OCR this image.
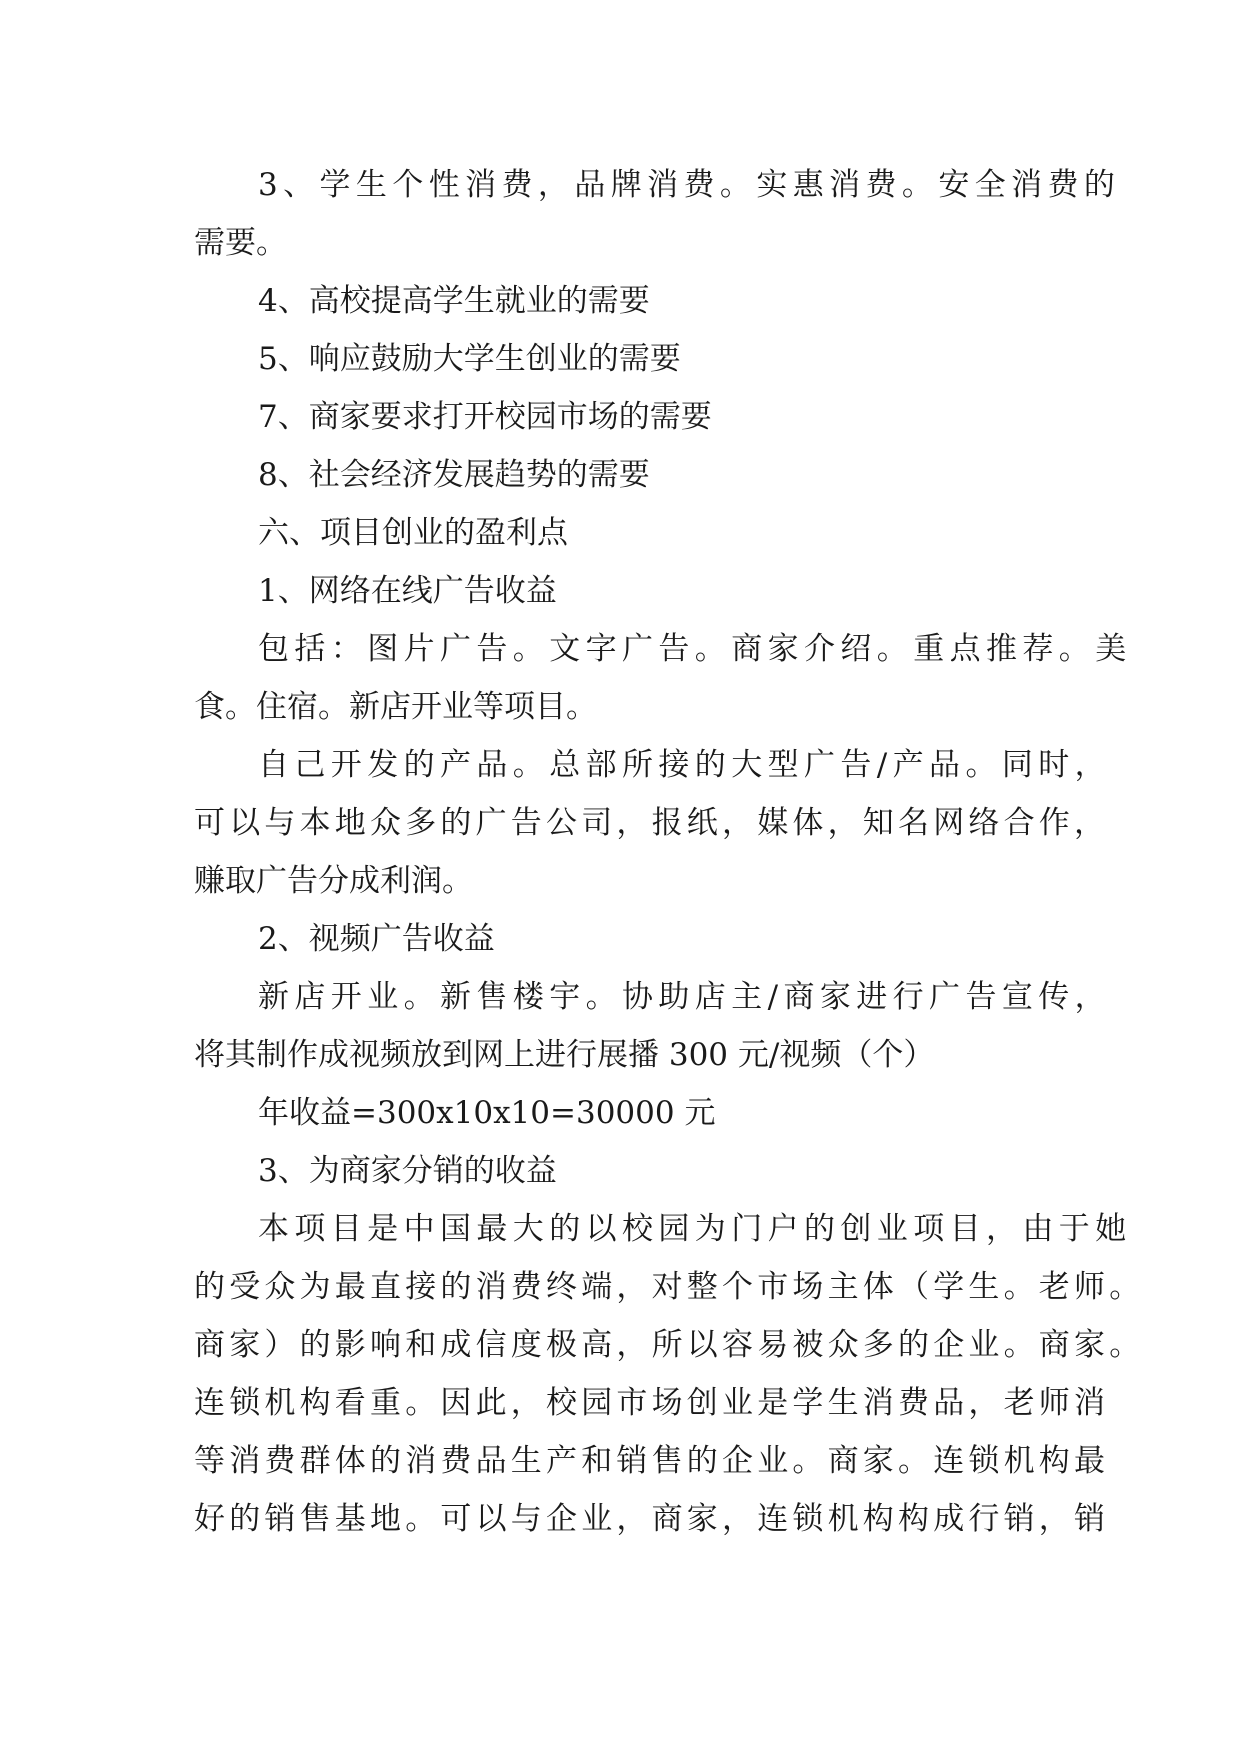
3、学生个性消费，品牌消费。实惠消费。安全消费的
需要。
4、高校提高学生就业的需要
5、响应鼓励大学生创业的需要
7、商家要求打开校园市场的需要
8、社会经济发展趋势的需要
六、项目创业的盈利点
1、网络在线广告收益
包括：图片广告。文字广告。商家介绍。重点推荐。美
食。住宿。新店开业等项目。
自己开发的产品。总部所接的大型广告/产品。同时，
可以与本地众多的广告公司，报纸，媒体，知名网络合作，
赚取广告分成利润。
2、视频广告收益
新店开业。新售楼宇。协助店主/商家进行广告宣传，
将其制作成视频放到网上进行展播 300 元/视频（个）
年收益=300x10x10=30000 元
3、为商家分销的收益
本项目是中国最大的以校园为门户的创业项目，由于她
的受众为最直接的消费终端，对整个市场主体（学生。老师。
商家）的影响和成信度极高，所以容易被众多的企业。商家。
连锁机构看重。因此，校园市场创业是学生消费品，老师消
等消费群体的消费品生产和销售的企业。商家。连锁机构最
好的销售基地。可以与企业，商家，连锁机构构成行销，销
